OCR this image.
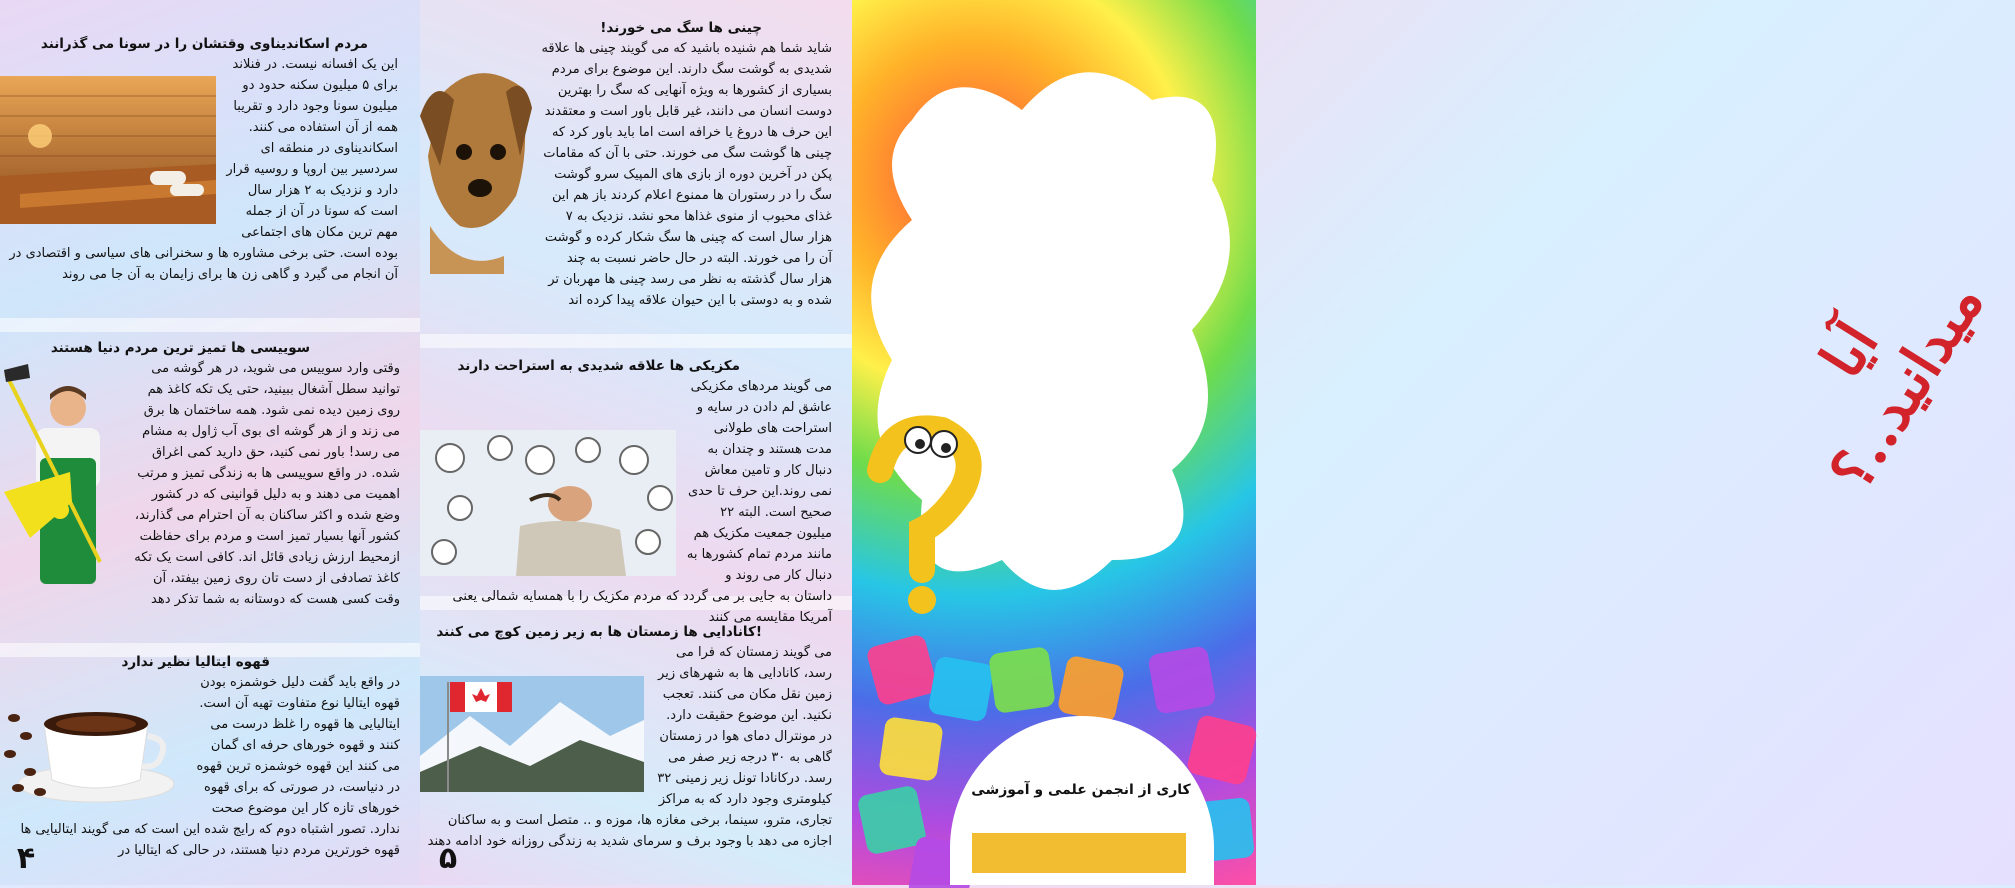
مردم اسکاندیناوی وقتشان را در سونا می گذرانند

این یک افسانه نیست. در فنلاند برای ۵ میلیون سکنه حدود دو میلیون سونا وجود دارد و تقریبا همه از آن استفاده می کنند. اسکاندیناوی در منطقه ای سردسیر بین اروپا و روسیه قرار دارد و نزدیک به ۲ هزار سال است که سونا در آن از جمله مهم ترین مکان های اجتماعی بوده است. حتی برخی مشاوره ها و سخنرانی های سیاسی و اقتصادی در آن انجام می گیرد و گاهی زن ها برای زایمان به آن جا می روند

سوییسی ها تمیز ترین مردم دنیا هستند

وقتی وارد سوییس می شوید، در هر گوشه می توانید سطل آشغال ببینید، حتی یک تکه کاغذ هم روی زمین دیده نمی شود. همه ساختمان ها برق می زند و از هر گوشه ای بوی آب ژاول به مشام می رسد! باور نمی کنید، حق دارید کمی اغراق شده. در واقع سوییسی ها به زندگی تمیز و مرتب اهمیت می دهند و به دلیل قوانینی که در کشور وضع شده و اکثر ساکنان به آن احترام می گذارند، کشور آنها بسیار تمیز است و مردم برای حفاظت ازمحیط ارزش زیادی قائل اند. کافی است یک تکه کاغذ تصادفی از دست تان روی زمین بیفتد، آن وقت کسی هست که دوستانه به شما تذکر دهد

قهوه ایتالیا نظیر ندارد

در واقع باید گفت دلیل خوشمزه بودن قهوه ایتالیا نوع متفاوت تهیه آن است. ایتالیایی ها قهوه را غلظ درست می کنند و قهوه خورهای حرفه ای گمان می کنند این قهوه خوشمزه ترین قهوه در دنیاست، در صورتی که برای قهوه خورهای تازه کار این موضوع صحت ندارد. تصور اشتباه دوم که رایج شده این است که می گویند ایتالیایی ها قهوه خورترین مردم دنیا هستند، در حالی که ایتالیا در

۴
چینی ها سگ می خورند!

شاید شما هم شنیده باشید که می گویند چینی ها علاقه شدیدی به گوشت سگ دارند. این موضوع برای مردم بسیاری از کشورها به ویژه آنهایی که سگ را بهترین دوست انسان می دانند، غیر قابل باور است و معتقدند این حرف ها دروغ یا خرافه است اما باید باور کرد که چینی ها گوشت سگ می خورند. حتی با آن که مقامات پکن در آخرین دوره از بازی های المپیک سرو گوشت سگ را در رستوران ها ممنوع اعلام کردند باز هم این غذای محبوب از منوی غذاها محو نشد. نزدیک به ۷ هزار سال است که چینی ها سگ شکار کرده و گوشت آن را می خورند. البته در حال حاضر نسبت به چند هزار سال گذشته به نظر می رسد چینی ها مهربان تر شده و به دوستی با این حیوان علاقه پیدا کرده اند

مکزیکی ها علاقه شدیدی به استراحت دارند

می گویند مردهای مکزیکی عاشق لم دادن در سایه و استراحت های طولانی مدت هستند و چندان به دنبال کار و تامین معاش نمی روند.این حرف تا حدی صحیح است. البته ۲۲ میلیون جمعیت مکزیک هم مانند مردم تمام کشورها به دنبال کار می روند و داستان به جایی بر می گردد که مردم مکزیک را با همسایه شمالی یعنی آمریکا مقایسه می کنند

!کانادایی ها زمستان ها به زیر زمین کوچ می کنند

می گویند زمستان که فرا می رسد، کانادایی ها به شهرهای زیر زمین نقل مکان می کنند. تعجب نکنید. این موضوع حقیقت دارد. در مونترال دمای هوا در زمستان گاهی به ۳۰ درجه زیر صفر می رسد. درکانادا تونل زیر زمینی ۳۲ کیلومتری وجود دارد که به مراکز تجاری، مترو، سینما، برخی مغازه ها، موزه و .. متصل است و به ساکنان اجازه می دهد با وجود برف و سرمای شدید به زندگی روزانه خود ادامه دهند

۵
آیا میدانید..؟
کاری از انجمن علمی و آموزشی
